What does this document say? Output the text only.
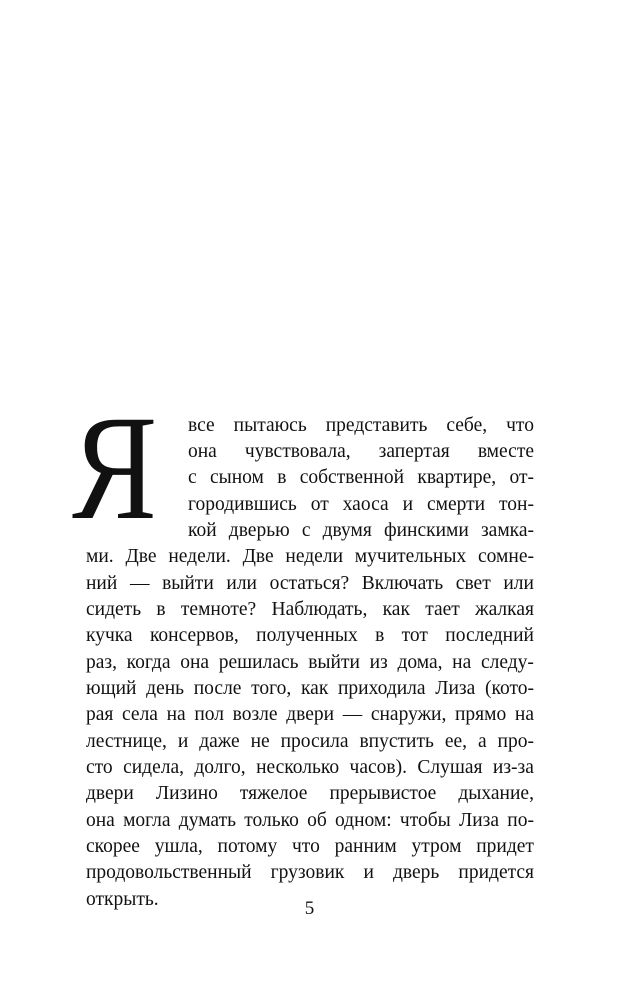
Я	все пытаюсь представить себе, что
она чувствовала, запертая вместе
с сыном в собственной квартире, от-
городившись от хаоса и смерти тон-
кой дверью с двумя финскими замка-
ми. Две недели. Две недели мучительных сомне-
ний — выйти или остаться? Включать свет или
сидеть в темноте? Наблюдать, как тает жалкая
кучка консервов, полученных в тот последний
раз, когда она решилась выйти из дома, на следу-
ющий день после того, как приходила Лиза (кото-
рая села на пол возле двери — снаружи, прямо на
лестнице, и даже не просила впустить ее, а про-
сто сидела, долго, несколько часов). Слушая из-за
двери Лизино тяжелое прерывистое дыхание,
она могла думать только об одном: чтобы Лиза по-
скорее ушла, потому что ранним утром придет
продовольственный грузовик и дверь придется
открыть.	5
